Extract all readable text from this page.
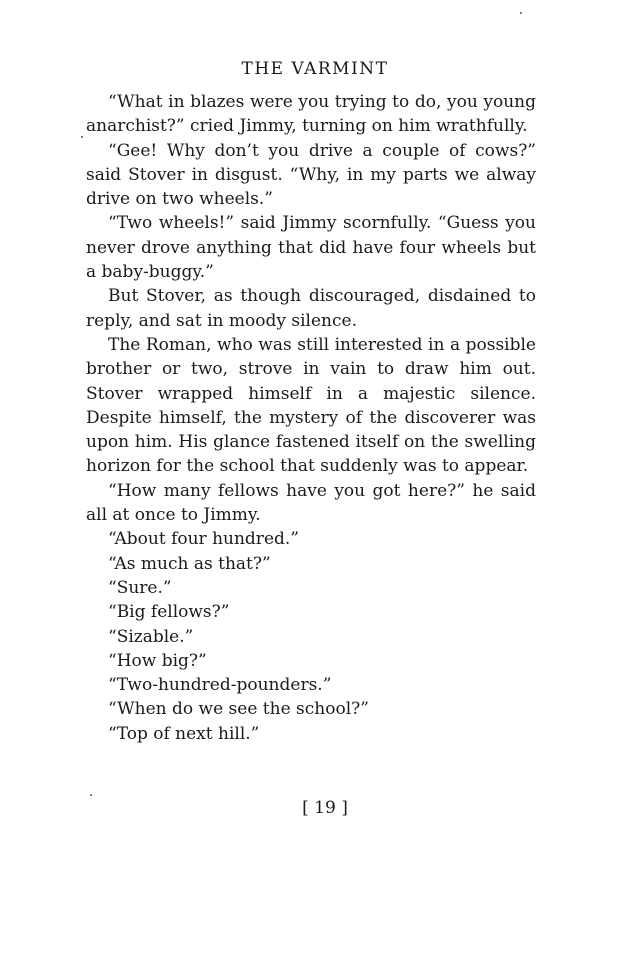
THE VARMINT

“What in blazes were you trying to do, you young anarchist?” cried Jimmy, turning on him wrathfully.

“Gee! Why don’t you drive a couple of cows?” said Stover in disgust. “Why, in my parts we alway drive on two wheels.”

“Two wheels!” said Jimmy scornfully. “Guess you never drove anything that did have four wheels but a baby-buggy.”

But Stover, as though discouraged, disdained to reply, and sat in moody silence.

The Roman, who was still interested in a possible brother or two, strove in vain to draw him out. Stover wrapped himself in a majestic silence. Despite himself, the mystery of the discoverer was upon him. His glance fastened itself on the swelling horizon for the school that suddenly was to appear.

“How many fellows have you got here?” he said all at once to Jimmy.

“About four hundred.”

“As much as that?”

“Sure.”

“Big fellows?”

“Sizable.”

“How big?”

“Two-hundred-pounders.”

“When do we see the school?”

“Top of next hill.”

[ 19 ]
